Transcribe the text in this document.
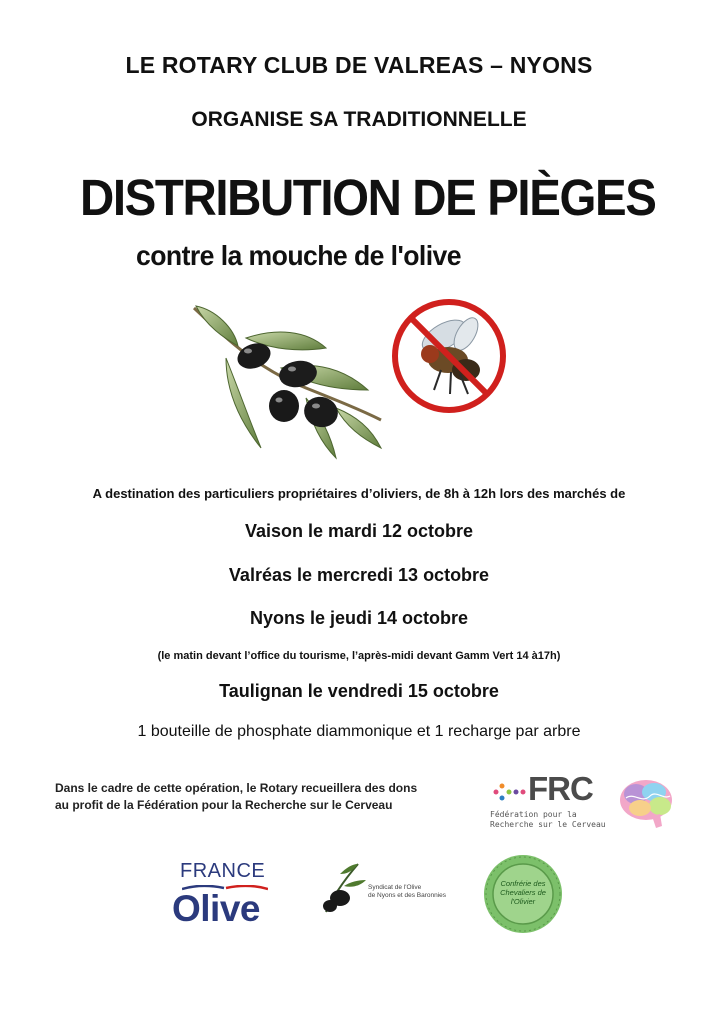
LE ROTARY CLUB DE VALREAS – NYONS
ORGANISE SA TRADITIONNELLE
DISTRIBUTION DE PIÈGES
contre la mouche de l'olive
A destination des particuliers propriétaires d’oliviers, de 8h à 12h lors des marchés de
Vaison le mardi 12 octobre
Valréas le mercredi 13 octobre
Nyons le jeudi 14 octobre
(le matin devant l’office du tourisme, l’après-midi devant Gamm Vert 14 à17h)
Taulignan le vendredi 15 octobre
1 bouteille de phosphate diammonique et 1 recharge par arbre
Dans le cadre de cette opération, le Rotary recueillera des dons
au profit de la Fédération pour la Recherche sur le Cerveau	FRC
Fédération pour la
Recherche sur le Cerveau
FRANCE
Olive
Syndicat de l'Olive
de Nyons et des Baronnies
Confrérie des
Chevaliers de
l'Olivier
